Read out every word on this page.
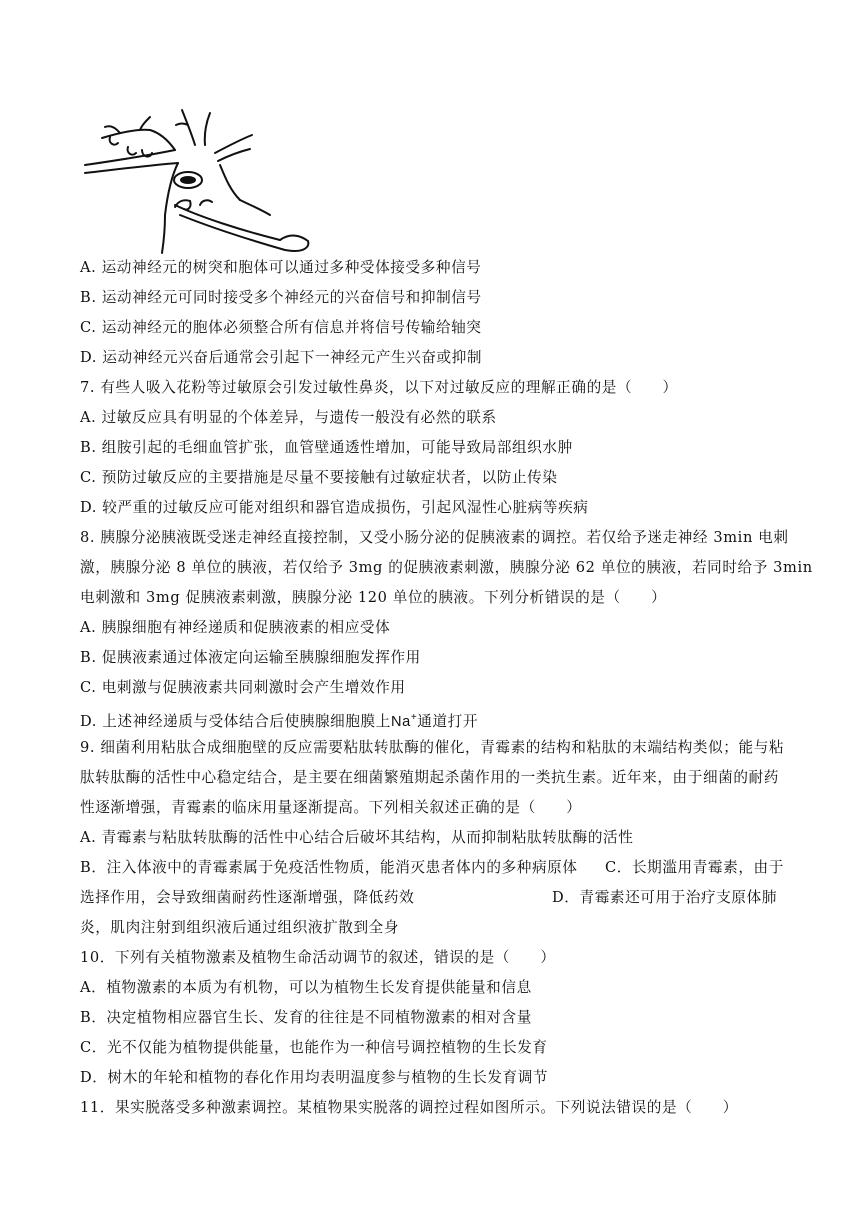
A. 运动神经元的树突和胞体可以通过多种受体接受多种信号
B. 运动神经元可同时接受多个神经元的兴奋信号和抑制信号
C. 运动神经元的胞体必须整合所有信息并将信号传输给轴突
D. 运动神经元兴奋后通常会引起下一神经元产生兴奋或抑制
7. 有些人吸入花粉等过敏原会引发过敏性鼻炎，以下对过敏反应的理解正确的是（　　）
A. 过敏反应具有明显的个体差异，与遗传一般没有必然的联系
B. 组胺引起的毛细血管扩张，血管壁通透性增加，可能导致局部组织水肿
C. 预防过敏反应的主要措施是尽量不要接触有过敏症状者，以防止传染
D. 较严重的过敏反应可能对组织和器官造成损伤，引起风湿性心脏病等疾病
8. 胰腺分泌胰液既受迷走神经直接控制，又受小肠分泌的促胰液素的调控。若仅给予迷走神经 3min 电刺
激，胰腺分泌 8 单位的胰液，若仅给予 3mg 的促胰液素刺激，胰腺分泌 62 单位的胰液，若同时给予 3min
电刺激和 3mg 促胰液素刺激，胰腺分泌 120 单位的胰液。下列分析错误的是（　　）
A. 胰腺细胞有神经递质和促胰液素的相应受体
B. 促胰液素通过体液定向运输至胰腺细胞发挥作用
C. 电刺激与促胰液素共同刺激时会产生增效作用
D. 上述神经递质与受体结合后使胰腺细胞膜上Na+通道打开
9. 细菌利用粘肽合成细胞壁的反应需要粘肽转肽酶的催化，青霉素的结构和粘肽的末端结构类似；能与粘
肽转肽酶的活性中心稳定结合，是主要在细菌繁殖期起杀菌作用的一类抗生素。近年来，由于细菌的耐药
性逐渐增强，青霉素的临床用量逐渐提高。下列相关叙述正确的是（　　）
A. 青霉素与粘肽转肽酶的活性中心结合后破坏其结构，从而抑制粘肽转肽酶的活性
B．注入体液中的青霉素属于免疫活性物质，能消灭患者体内的多种病原体 C．长期滥用青霉素，由于
选择作用，会导致细菌耐药性逐渐增强，降低药效	D．青霉素还可用于治疗支原体肺
炎，肌肉注射到组织液后通过组织液扩散到全身
10．下列有关植物激素及植物生命活动调节的叙述，错误的是（　　）
A．植物激素的本质为有机物，可以为植物生长发育提供能量和信息
B．决定植物相应器官生长、发育的往往是不同植物激素的相对含量
C．光不仅能为植物提供能量，也能作为一种信号调控植物的生长发育
D．树木的年轮和植物的春化作用均表明温度参与植物的生长发育调节
11．果实脱落受多种激素调控。某植物果实脱落的调控过程如图所示。下列说法错误的是（　　）
